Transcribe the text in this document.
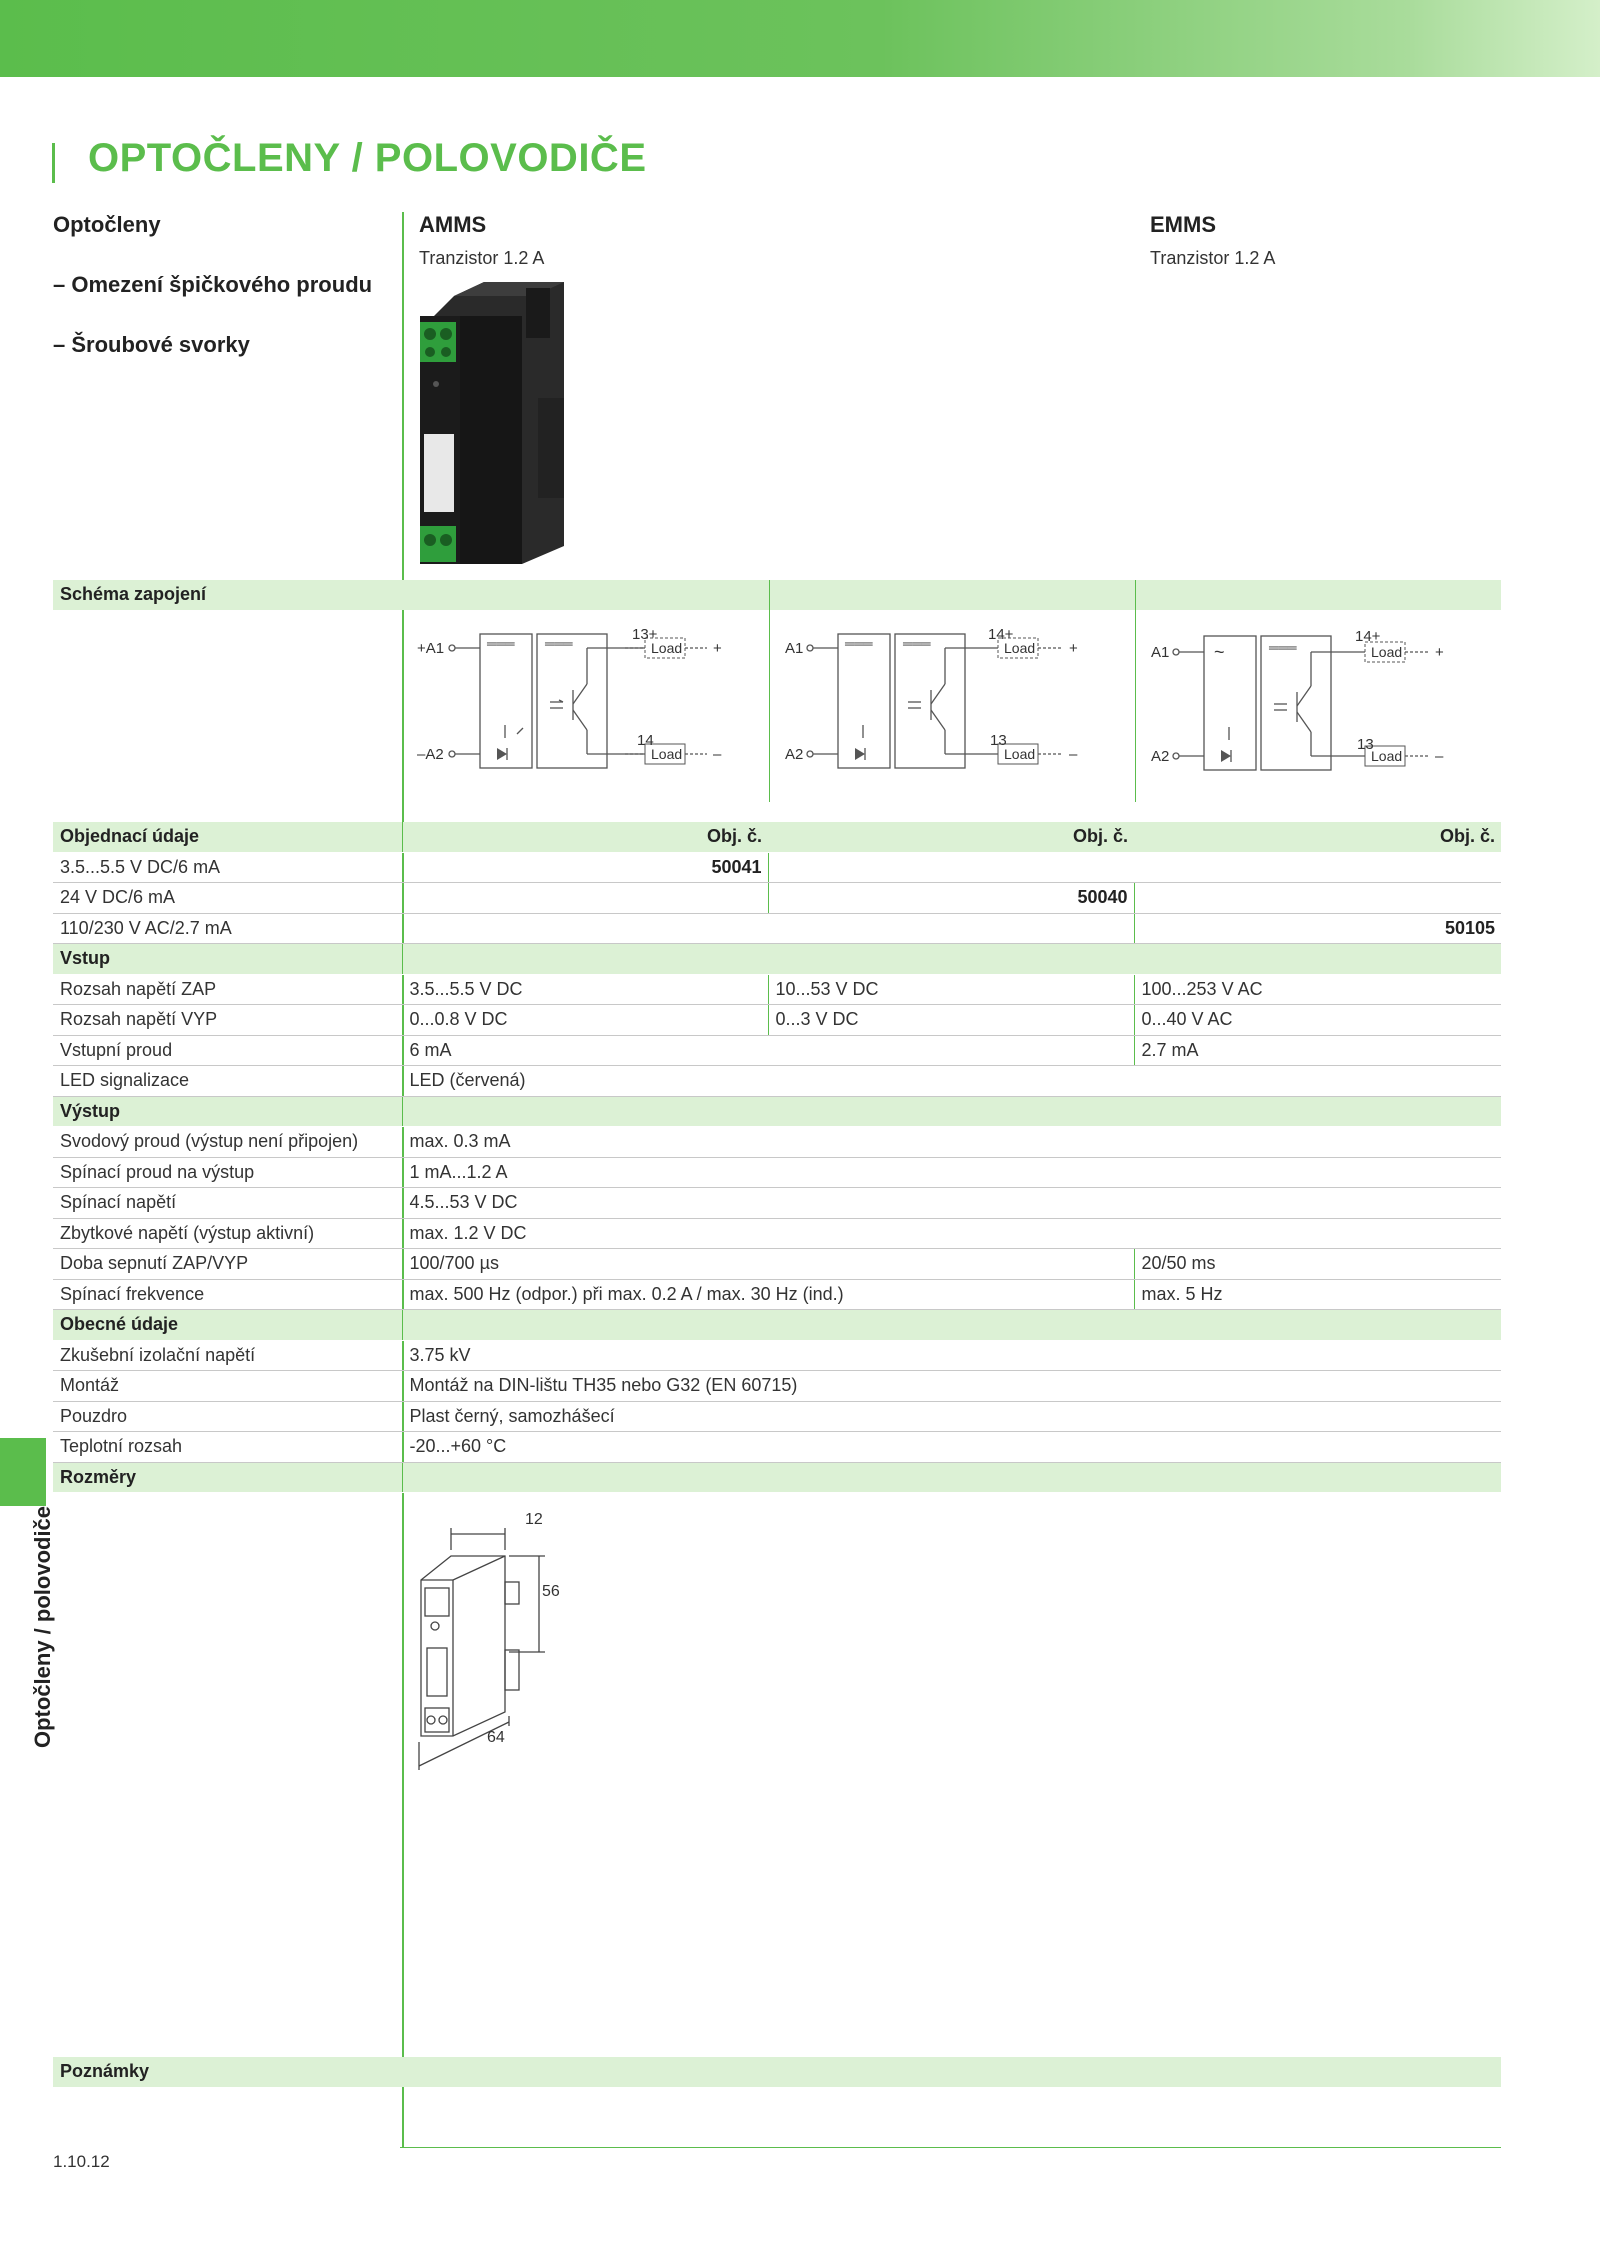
OPTOČLENY / POLOVODIČE

Optočleny

– Omezení špičkového proudu

– Šroubové svorky

AMMS
Tranzistor 1.2 A
EMMS
Tranzistor 1.2 A
Schéma zapojení
+A1
–A2
═══ ═══
13+
14
Load
Load
+
–
A1
A2
═══ ═══
14+
13
Load
Load
+
–
A1
A2
~	═══
14+
13
Load
Load
+
–
Objednací údaje	Obj. č.	Obj. č.	Obj. č.
3.5...5.5 V DC/6 mA	50041		
24 V DC/6 mA		50040	
110/230 V AC/2.7 mA			50105
Vstup			
Rozsah napětí ZAP	3.5...5.5 V DC	10...53 V DC	100...253 V AC
Rozsah napětí VYP	0...0.8 V DC	0...3 V DC	0...40 V AC
Vstupní proud	6 mA		2.7 mA
LED signalizace	LED (červená)		
Výstup			
Svodový proud (výstup není připojen)	max. 0.3 mA		
Spínací proud na výstup	1 mA...1.2 A		
Spínací napětí	4.5...53 V DC		
Zbytkové napětí (výstup aktivní)	max. 1.2 V DC		
Doba sepnutí ZAP/VYP	100/700 µs		20/50 ms
Spínací frekvence	max. 500 Hz (odpor.) při max. 0.2 A / max. 30 Hz (ind.)		max. 5 Hz
Obecné údaje			
Zkušební izolační napětí	3.75 kV		
Montáž	Montáž na DIN-lištu TH35 nebo G32 (EN 60715)		
Pouzdro	Plast černý, samozhášecí		
Teplotní rozsah	-20...+60 °C		
Rozměry			
12
56
64
Poznámky
Optočleny / polovodiče
1.10.12
